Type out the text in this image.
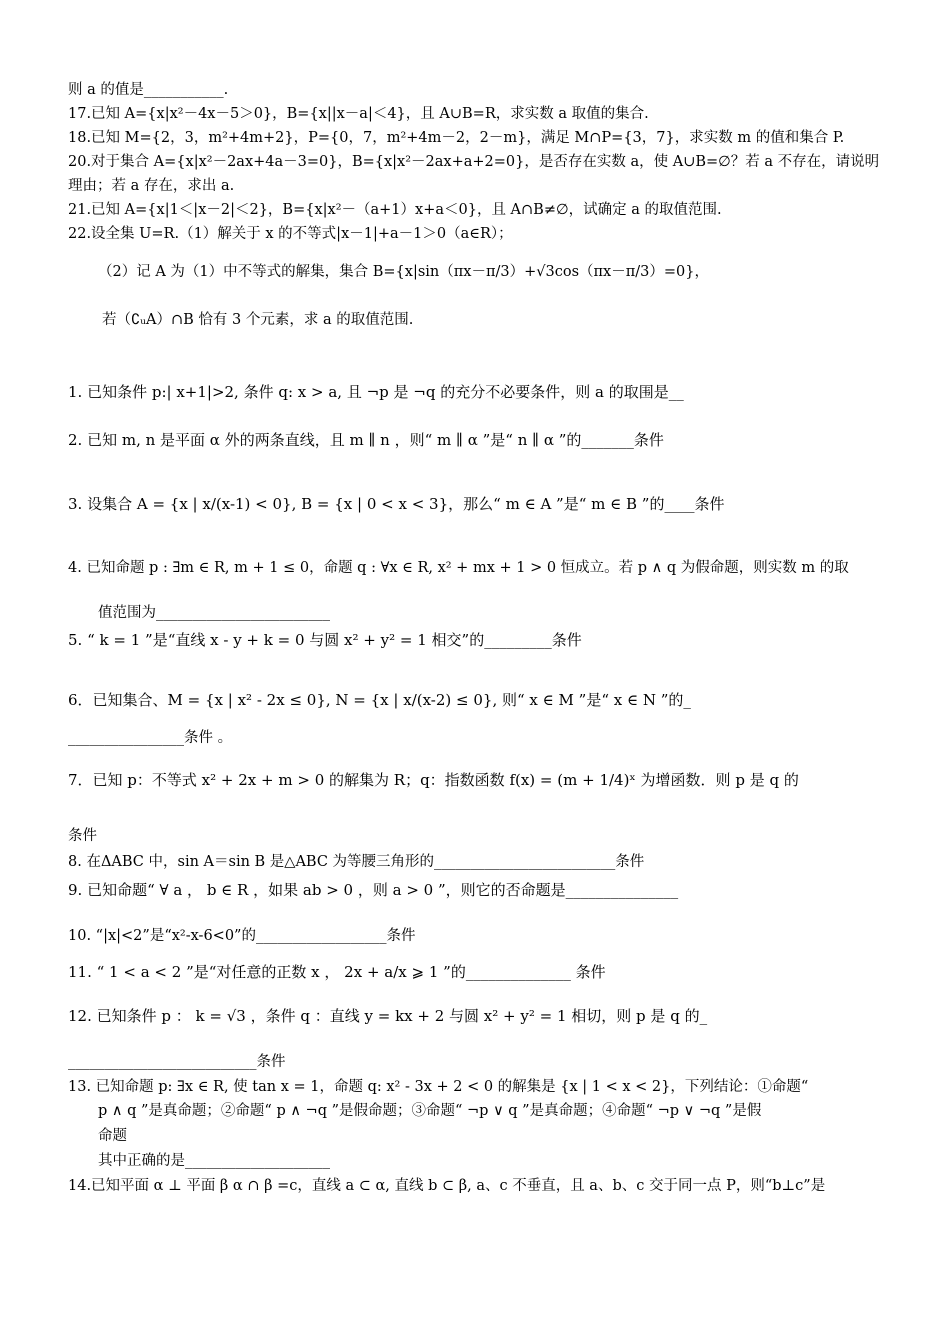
则 a 的值是___________.
17.已知 A={x|x²－4x－5＞0}，B={x||x－a|＜4}，且 A∪B=R，求实数 a 取值的集合.
18.已知 M={2，3，m²+4m+2}，P={0，7，m²+4m－2，2－m}，满足 M∩P={3，7}，求实数 m 的值和集合 P.
20.对于集合 A={x|x²－2ax+4a－3=0}，B={x|x²－2ax+a+2=0}，是否存在实数 a，使 A∪B=∅？若 a 不存在，请说明
理由；若 a 存在，求出 a.
21.已知 A={x|1＜|x－2|＜2}，B={x|x²－（a+1）x+a＜0}，且 A∩B≠∅，试确定 a 的取值范围.
22.设全集 U=R.（1）解关于 x 的不等式|x－1|+a－1＞0（a∈R）；
（2）记 A 为（1）中不等式的解集，集合 B={x|sin（πx－π/3）+√3cos（πx－π/3）=0}，
若（∁ᵤA）∩B 恰有 3 个元素，求 a 的取值范围.
1. 已知条件 p:| x+1|>2, 条件 q: x > a, 且 ¬p 是 ¬q 的充分不必要条件，则 a 的取围是__
2. 已知 m, n 是平面 α 外的两条直线，且 m ∥ n ，则“ m ∥ α ”是“ n ∥ α ”的_______条件
3. 设集合 A = {x | x/(x-1) < 0}, B = {x | 0 < x < 3}，那么“ m ∈ A ”是“ m ∈ B ”的____条件
4. 已知命题 p : ∃m ∈ R, m + 1 ≤ 0，命题 q : ∀x ∈ R, x² + mx + 1 > 0 恒成立。若 p ∧ q 为假命题，则实数 m 的取
值范围为________________________
5. “ k = 1 ”是“直线 x - y + k = 0 与圆 x² + y² = 1 相交”的_________条件
6．已知集合、M = {x | x² - 2x ≤ 0}, N = {x | x/(x-2) ≤ 0}, 则“ x ∈ M ”是“ x ∈ N ”的_
________________条件 。
7．已知 p：不等式 x² + 2x + m > 0 的解集为 R；q：指数函数 f(x) = (m + 1/4)ˣ 为增函数．则 p 是 q 的
条件
8. 在ΔABC 中，sin A＝sin B 是△ABC 为等腰三角形的_________________________条件
9. 已知命题“ ∀ a ， b ∈ R ，如果 ab > 0 ，则 a > 0 ”，则它的否命题是_______________
10. “|x|<2”是“x²-x-6<0”的__________________条件
11. “ 1 < a < 2 ”是“对任意的正数 x ， 2x + a/x ⩾ 1 ”的______________ 条件
12. 已知条件 p ： k = √3 ，条件 q ：直线 y = kx + 2 与圆 x² + y² = 1 相切，则 p 是 q 的_
__________________________条件
13. 已知命题 p: ∃x ∈ R, 使 tan x = 1，命题 q: x² - 3x + 2 < 0 的解集是 {x | 1 < x < 2}，下列结论：①命题“
p ∧ q ”是真命题；②命题“ p ∧ ¬q ”是假命题；③命题“ ¬p ∨ q ”是真命题；④命题“ ¬p ∨ ¬q ”是假
命题
其中正确的是____________________
14.已知平面 α ⊥ 平面 β α ∩ β =c，直线 a ⊂ α, 直线 b ⊂ β, a、c 不垂直，且 a、b、c 交于同一点 P，则“b⊥c”是
